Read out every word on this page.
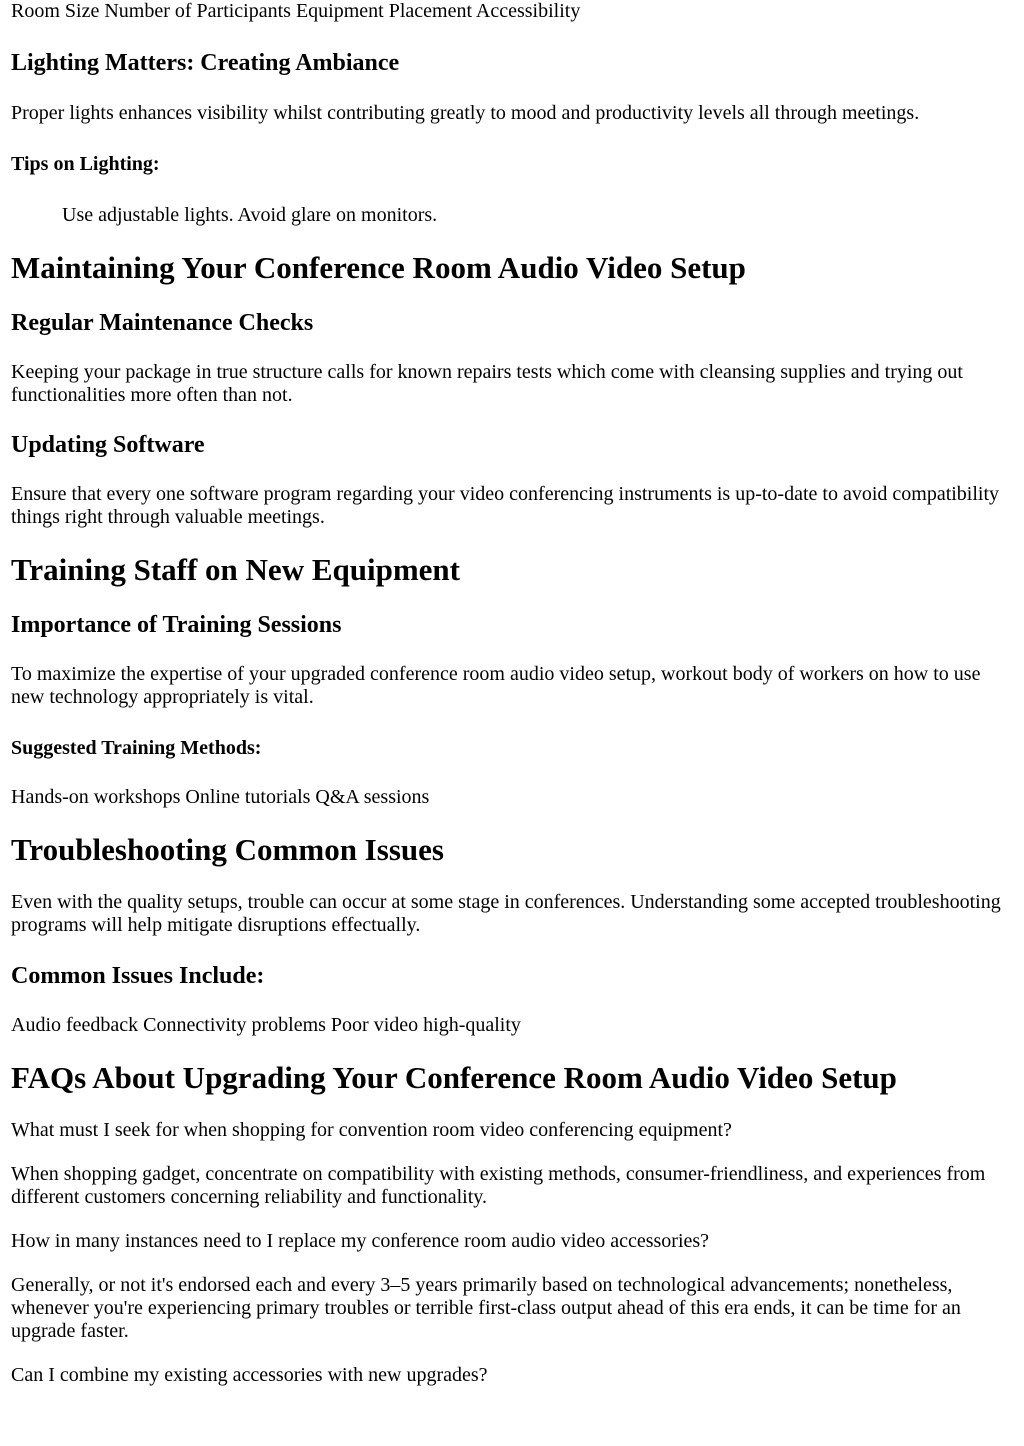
Room Size Number of Participants Equipment Placement Accessibility

Lighting Matters: Creating Ambiance

Proper lights enhances visibility whilst contributing greatly to mood and productivity levels all through meetings.

Tips on Lighting:

Use adjustable lights. Avoid glare on monitors.

Maintaining Your Conference Room Audio Video Setup
Regular Maintenance Checks

Keeping your package in true structure calls for known repairs tests which come with cleansing supplies and trying out functionalities more often than not.

Updating Software

Ensure that every one software program regarding your video conferencing instruments is up-to-date to avoid compatibility things right through valuable meetings.

Training Staff on New Equipment
Importance of Training Sessions

To maximize the expertise of your upgraded conference room audio video setup, workout body of workers on how to use new technology appropriately is vital.

Suggested Training Methods:

Hands-on workshops Online tutorials Q&A sessions

Troubleshooting Common Issues

Even with the quality setups, trouble can occur at some stage in conferences. Understanding some accepted troubleshooting programs will help mitigate disruptions effectually.

Common Issues Include:

Audio feedback Connectivity problems Poor video high-quality

FAQs About Upgrading Your Conference Room Audio Video Setup

What must I seek for when shopping for convention room video conferencing equipment?

When shopping gadget, concentrate on compatibility with existing methods, consumer-friendliness, and experiences from different customers concerning reliability and functionality.

How in many instances need to I replace my conference room audio video accessories?

Generally, or not it's endorsed each and every 3–5 years primarily based on technological advancements; nonetheless, whenever you're experiencing primary troubles or terrible first-class output ahead of this era ends, it can be time for an upgrade faster.

Can I combine my existing accessories with new upgrades?
